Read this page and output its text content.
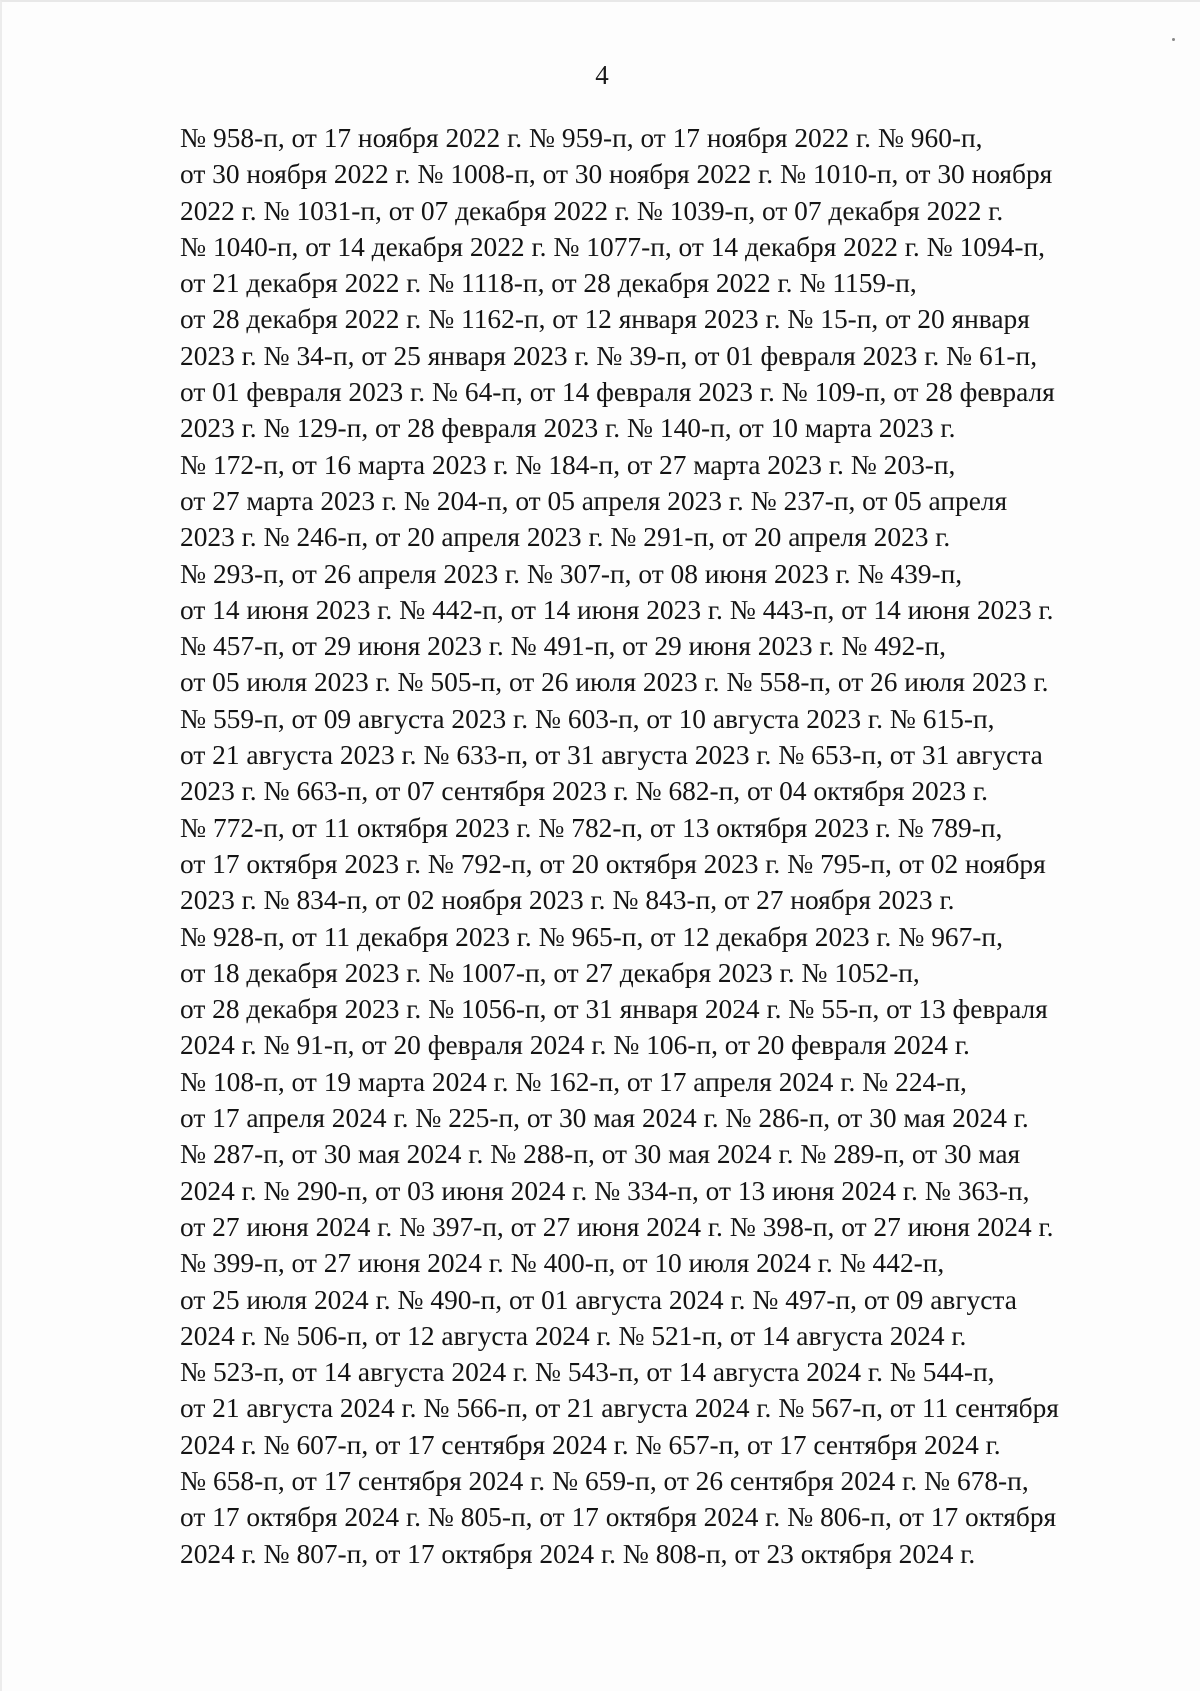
4
№ 958-п, от 17 ноября 2022 г. № 959-п, от 17 ноября 2022 г. № 960-п,
от 30 ноября 2022 г. № 1008-п, от 30 ноября 2022 г. № 1010-п, от 30 ноября
2022 г. № 1031-п, от 07 декабря 2022 г. № 1039-п, от 07 декабря 2022 г.
№ 1040-п, от 14 декабря 2022 г. № 1077-п, от 14 декабря 2022 г. № 1094-п,
от 21 декабря 2022 г. № 1118-п, от 28 декабря 2022 г. № 1159-п,
от 28 декабря 2022 г. № 1162-п, от 12 января 2023 г. № 15-п, от 20 января
2023 г. № 34-п, от 25 января 2023 г. № 39-п, от 01 февраля 2023 г. № 61-п,
от 01 февраля 2023 г. № 64-п, от 14 февраля 2023 г. № 109-п, от 28 февраля
2023 г. № 129-п, от 28 февраля 2023 г. № 140-п, от 10 марта 2023 г.
№ 172-п, от 16 марта 2023 г. № 184-п, от 27 марта 2023 г. № 203-п,
от 27 марта 2023 г. № 204-п, от 05 апреля 2023 г. № 237-п, от 05 апреля
2023 г. № 246-п, от 20 апреля 2023 г. № 291-п, от 20 апреля 2023 г.
№ 293-п, от 26 апреля 2023 г. № 307-п, от 08 июня 2023 г. № 439-п,
от 14 июня 2023 г. № 442-п, от 14 июня 2023 г. № 443-п, от 14 июня 2023 г.
№ 457-п, от 29 июня 2023 г. № 491-п, от 29 июня 2023 г. № 492-п,
от 05 июля 2023 г. № 505-п, от 26 июля 2023 г. № 558-п, от 26 июля 2023 г.
№ 559-п, от 09 августа 2023 г. № 603-п, от 10 августа 2023 г. № 615-п,
от 21 августа 2023 г. № 633-п, от 31 августа 2023 г. № 653-п, от 31 августа
2023 г. № 663-п, от 07 сентября 2023 г. № 682-п, от 04 октября 2023 г.
№ 772-п, от 11 октября 2023 г. № 782-п, от 13 октября 2023 г. № 789-п,
от 17 октября 2023 г. № 792-п, от 20 октября 2023 г. № 795-п, от 02 ноября
2023 г. № 834-п, от 02 ноября 2023 г. № 843-п, от 27 ноября 2023 г.
№ 928-п, от 11 декабря 2023 г. № 965-п, от 12 декабря 2023 г. № 967-п,
от 18 декабря 2023 г. № 1007-п, от 27 декабря 2023 г. № 1052-п,
от 28 декабря 2023 г. № 1056-п, от 31 января 2024 г. № 55-п, от 13 февраля
2024 г. № 91-п, от 20 февраля 2024 г. № 106-п, от 20 февраля 2024 г.
№ 108-п, от 19 марта 2024 г. № 162-п, от 17 апреля 2024 г. № 224-п,
от 17 апреля 2024 г. № 225-п, от 30 мая 2024 г. № 286-п, от 30 мая 2024 г.
№ 287-п, от 30 мая 2024 г. № 288-п, от 30 мая 2024 г. № 289-п, от 30 мая
2024 г. № 290-п, от 03 июня 2024 г. № 334-п, от 13 июня 2024 г. № 363-п,
от 27 июня 2024 г. № 397-п, от 27 июня 2024 г. № 398-п, от 27 июня 2024 г.
№ 399-п, от 27 июня 2024 г. № 400-п, от 10 июля 2024 г. № 442-п,
от 25 июля 2024 г. № 490-п, от 01 августа 2024 г. № 497-п, от 09 августа
2024 г. № 506-п, от 12 августа 2024 г. № 521-п, от 14 августа 2024 г.
№ 523-п, от 14 августа 2024 г. № 543-п, от 14 августа 2024 г. № 544-п,
от 21 августа 2024 г. № 566-п, от 21 августа 2024 г. № 567-п, от 11 сентября
2024 г. № 607-п, от 17 сентября 2024 г. № 657-п, от 17 сентября 2024 г.
№ 658-п, от 17 сентября 2024 г. № 659-п, от 26 сентября 2024 г. № 678-п,
от 17 октября 2024 г. № 805-п, от 17 октября 2024 г. № 806-п, от 17 октября
2024 г. № 807-п, от 17 октября 2024 г. № 808-п, от 23 октября 2024 г.
